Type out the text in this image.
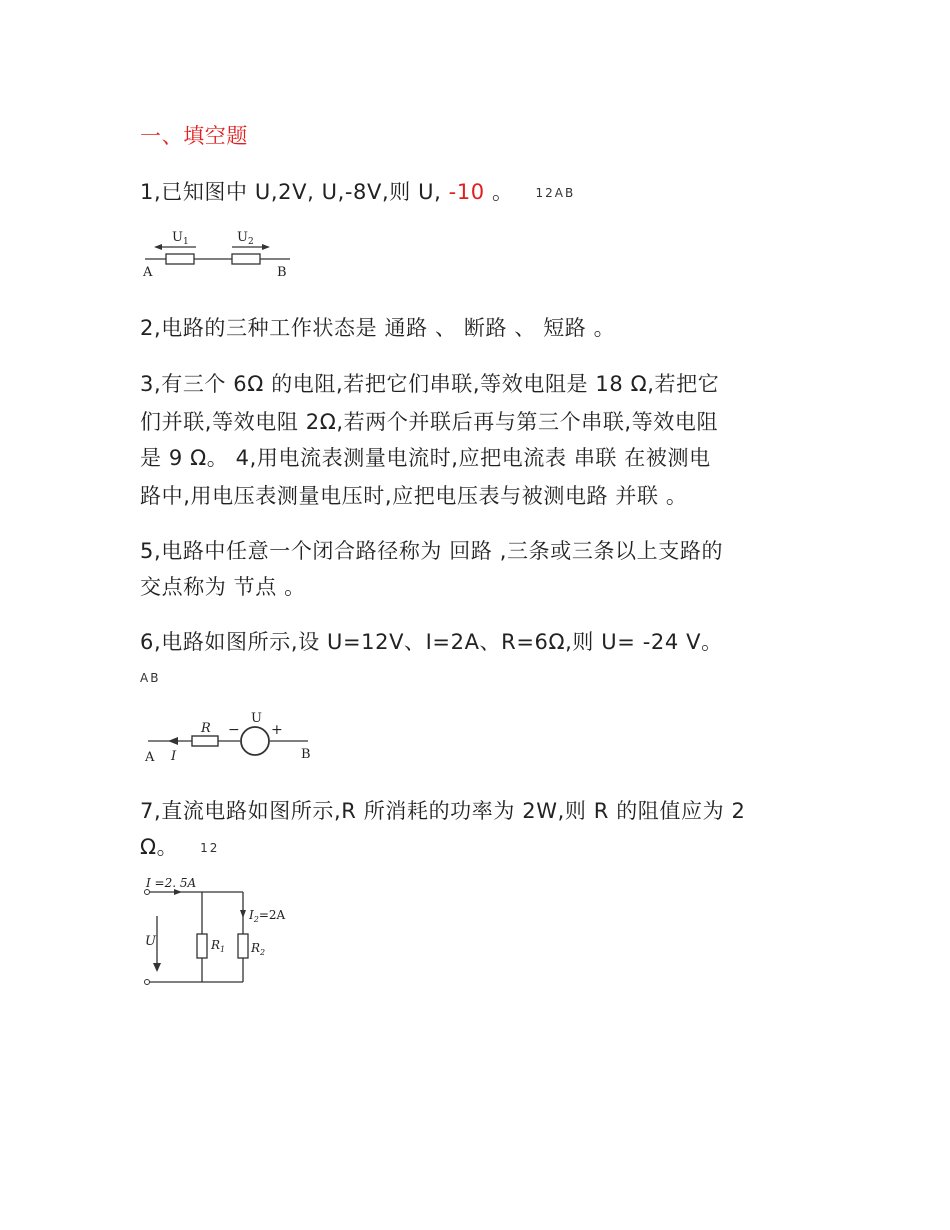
一、填空题
1,已知图中 U,2V, U,-8V,则 U, -10 。 12AB
$U_1$	$U_2$
A	B
2,电路的三种工作状态是 通路 、 断路 、 短路 。
3,有三个 6Ω 的电阻,若把它们串联,等效电阻是 18 Ω,若把它
们并联,等效电阻 2Ω,若两个并联后再与第三个串联,等效电阻
是 9 Ω。 4,用电流表测量电流时,应把电流表 串联 在被测电
路中,用电压表测量电压时,应把电压表与被测电路 并联 。
5,电路中任意一个闭合路径称为 回路 ,三条或三条以上支路的
交点称为 节点 。
6,电路如图所示,设 U=12V、I=2A、R=6Ω,则 U= -24 V。
AB
R
U
− +
I
A	B
7,直流电路如图所示,R 所消耗的功率为 2W,则 R 的阻值应为 2
Ω。 12
I =2. 5A
$I_2=2A$
U	$R_1$ $R_2$
